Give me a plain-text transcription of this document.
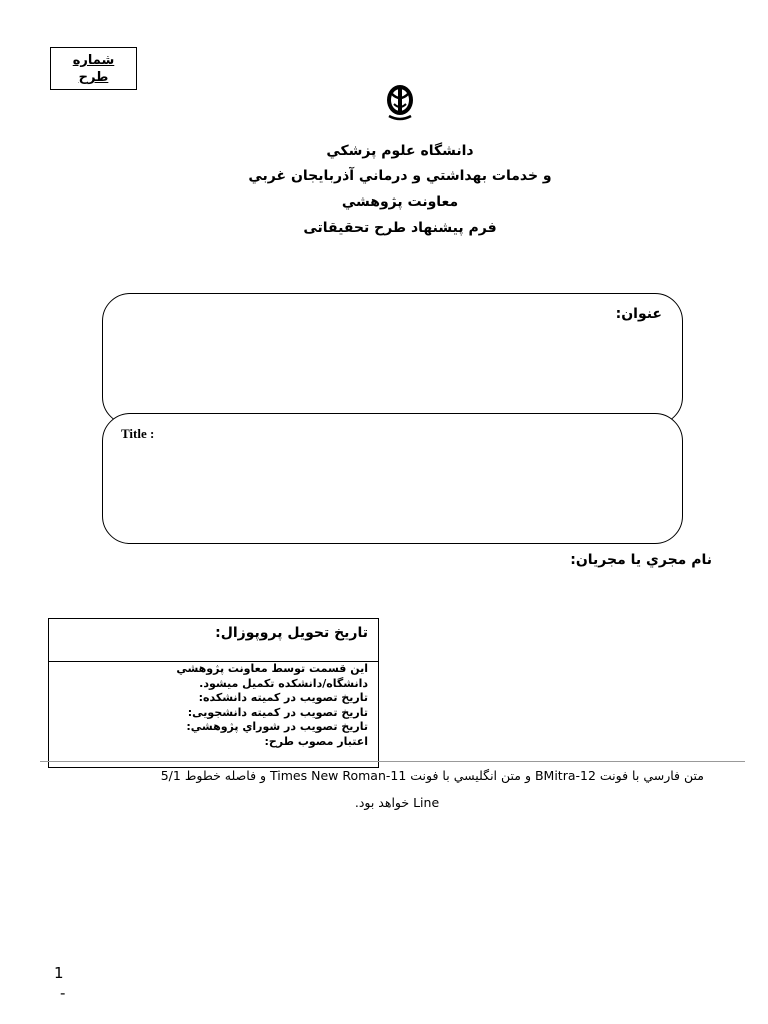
شماره
طرح
دانشگاه علوم پزشكي
و خدمات بهداشتي و درماني آذربايجان غربي
معاونت پژوهشي
فرم پیشنهاد طرح تحقیقاتی
عنوان:
Title :
نام مجري يا مجريان:
تاریخ تحویل پروپوزال:
این قسمت توسط معاونت پژوهشي
دانشگاه/دانشكده تكميل ميشود.
تاریخ تصویب در کمیته دانشکده:
تاریخ تصویب در کمیته دانشجویی:
تاريخ تصويب در شوراي پژوهشي:
اعتبار مصوب طرح:
متن فارسي با فونت BMitra-12 و متن انگليسي با فونت Times New Roman-11 و فاصله خطوط 5/1
Line خواهد بود.
1
-
